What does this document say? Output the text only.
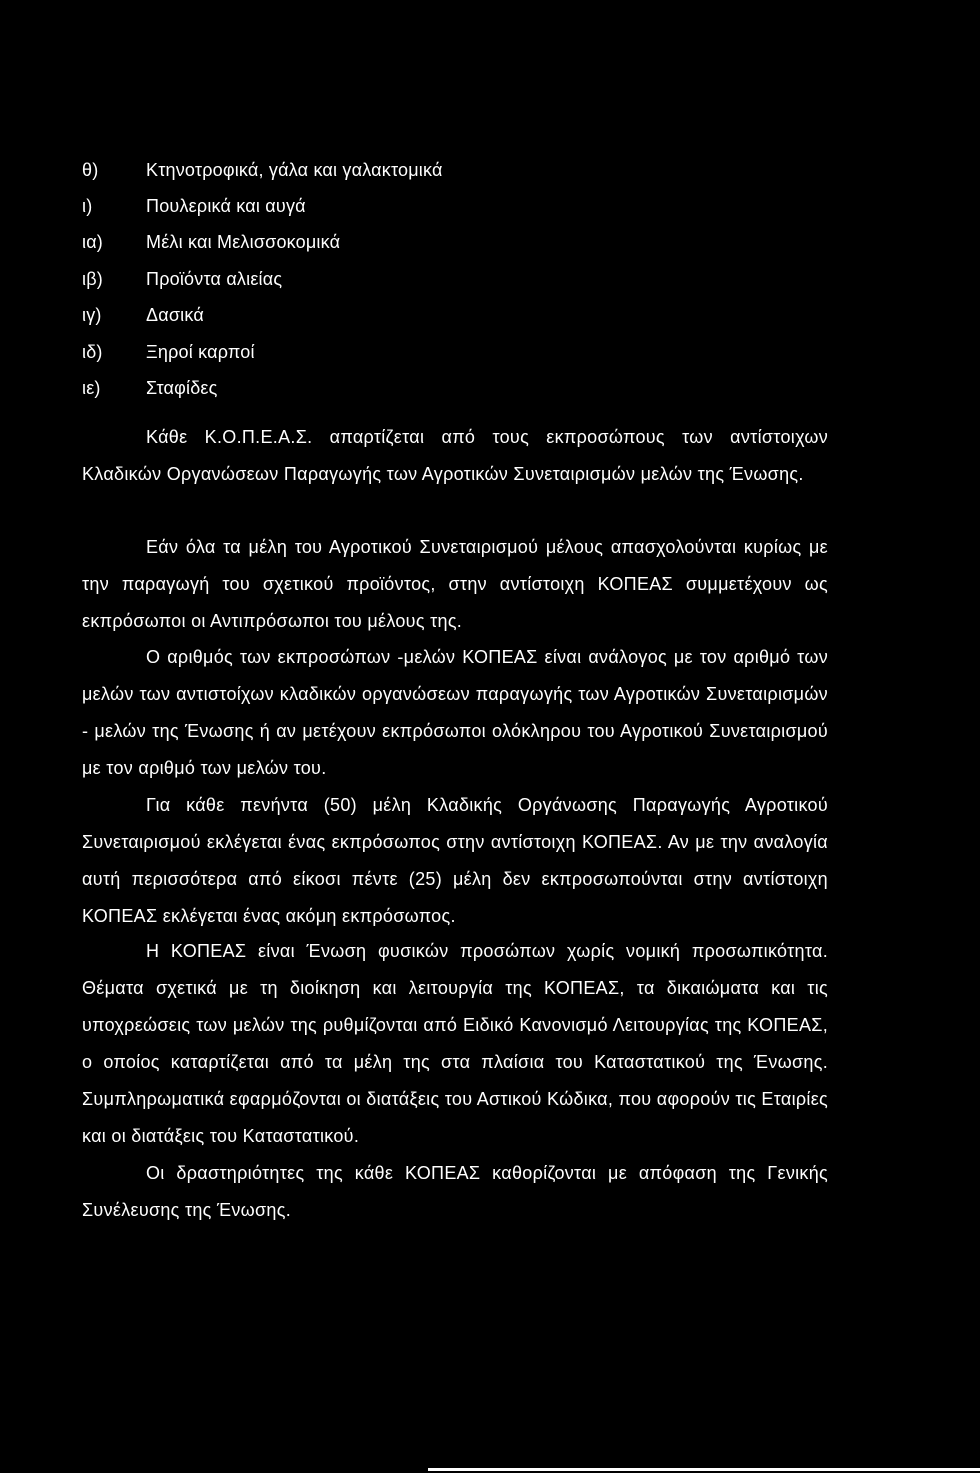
θ)	Κτηνοτροφικά, γάλα και γαλακτομικά
ι)	Πουλερικά και αυγά
ια)	Μέλι και Μελισσοκομικά
ιβ)	Προϊόντα αλιείας
ιγ)	Δασικά
ιδ)	Ξηροί καρποί
ιε)	Σταφίδες

Κάθε Κ.Ο.Π.Ε.Α.Σ. απαρτίζεται από τους εκπροσώπους των αντίστοιχων Κλαδικών Οργανώσεων Παραγωγής των Αγροτικών Συνεταιρισμών μελών της Ένωσης.

Εάν όλα τα μέλη του Αγροτικού Συνεταιρισμού μέλους απασχολούνται κυρίως με την παραγωγή του σχετικού προϊόντος, στην αντίστοιχη ΚΟΠΕΑΣ συμμετέχουν ως εκπρόσωποι οι Αντιπρόσωποι του μέλους της.

Ο αριθμός των εκπροσώπων -μελών ΚΟΠΕΑΣ είναι ανάλογος με τον αριθμό των μελών των αντιστοίχων κλαδικών οργανώσεων παραγωγής των Αγροτικών Συνεταιρισμών - μελών της Ένωσης ή αν μετέχουν εκπρόσωποι ολόκληρου του Αγροτικού Συνεταιρισμού με τον αριθμό των μελών του.

Για κάθε πενήντα (50) μέλη Κλαδικής Οργάνωσης Παραγωγής Αγροτικού Συνεταιρισμού εκλέγεται ένας εκπρόσωπος στην αντίστοιχη ΚΟΠΕΑΣ. Αν με την αναλογία αυτή περισσότερα από είκοσι πέντε (25) μέλη δεν εκπροσωπούνται στην αντίστοιχη ΚΟΠΕΑΣ εκλέγεται ένας ακόμη εκπρόσωπος.

Η ΚΟΠΕΑΣ είναι Ένωση φυσικών προσώπων χωρίς νομική προσωπικότητα. Θέματα σχετικά με τη διοίκηση και λειτουργία της ΚΟΠΕΑΣ, τα δικαιώματα και τις υποχρεώσεις των μελών της ρυθμίζονται από Ειδικό Κανονισμό Λειτουργίας της ΚΟΠΕΑΣ, ο οποίος καταρτίζεται από τα μέλη της στα πλαίσια του Καταστατικού της Ένωσης. Συμπληρωματικά εφαρμόζονται οι διατάξεις του Αστικού Κώδικα, που αφορούν τις Εταιρίες και οι διατάξεις του Καταστατικού.

Οι δραστηριότητες της κάθε ΚΟΠΕΑΣ καθορίζονται με απόφαση της Γενικής Συνέλευσης της Ένωσης.
